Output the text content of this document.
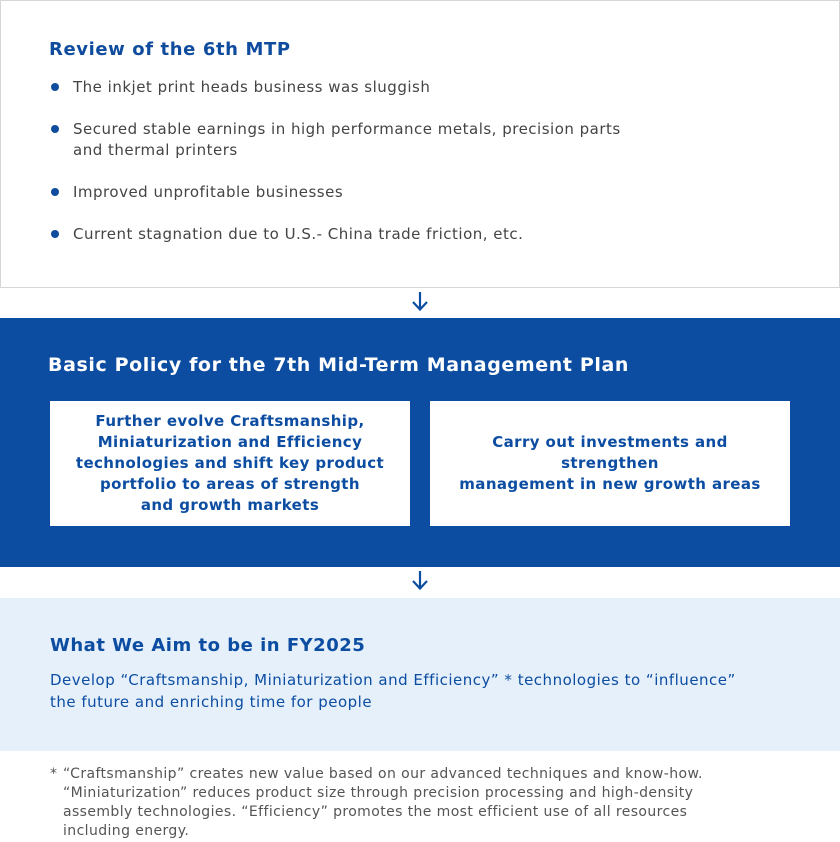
Review of the 6th MTP
The inkjet print heads business was sluggish
Secured stable earnings in high performance metals, precision parts
and thermal printers
Improved unprofitable businesses
Current stagnation due to U.S.- China trade friction, etc.
Basic Policy for the 7th Mid-Term Management Plan
Further evolve Craftsmanship,
Miniaturization and Efficiency
technologies and shift key product
portfolio to areas of strength
and growth markets
Carry out investments and strengthen
management in new growth areas
What We Aim to be in FY2025
Develop “Craftsmanship, Miniaturization and Efficiency” * technologies to “influence”
the future and enriching time for people
* “Craftsmanship” creates new value based on our advanced techniques and know-how.
“Miniaturization” reduces product size through precision processing and high-density
assembly technologies. “Efficiency” promotes the most efficient use of all resources
including energy.
